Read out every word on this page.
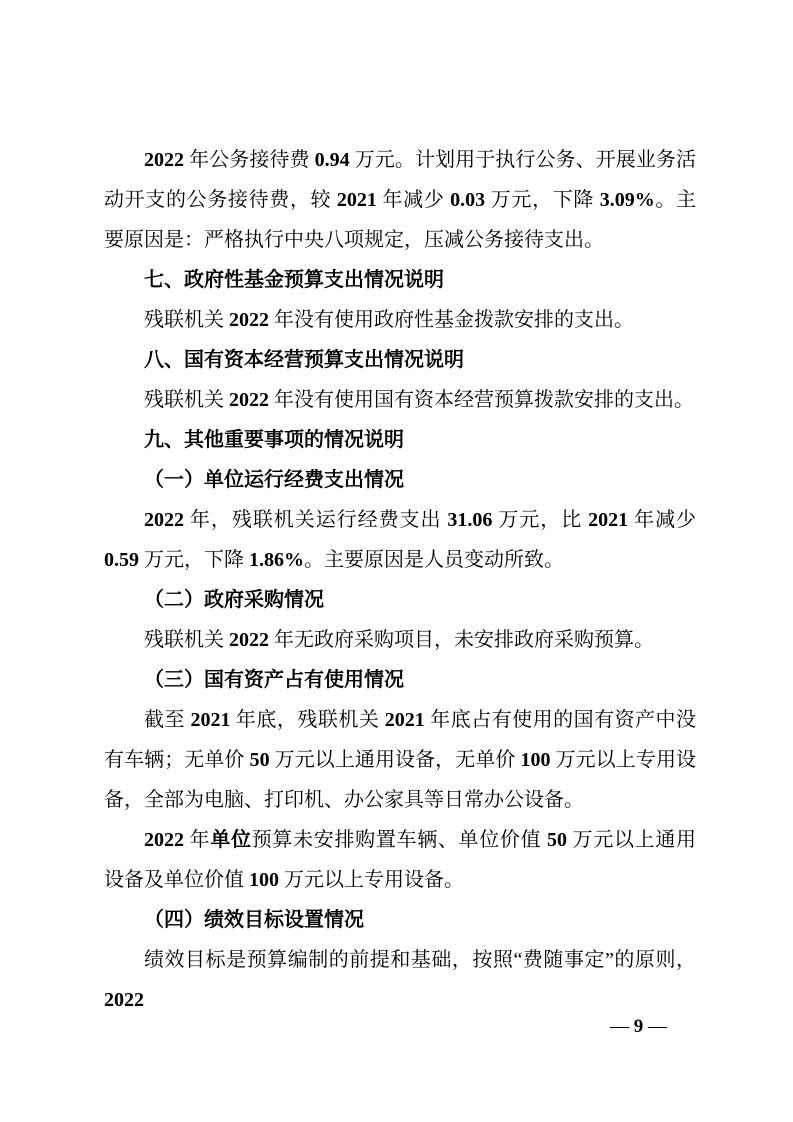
2022 年公务接待费 0.94 万元。计划用于执行公务、开展业务活动开支的公务接待费，较 2021 年减少 0.03 万元，下降 3.09%。主要原因是：严格执行中央八项规定，压减公务接待支出。
七、政府性基金预算支出情况说明
残联机关 2022 年没有使用政府性基金拨款安排的支出。
八、国有资本经营预算支出情况说明
残联机关 2022 年没有使用国有资本经营预算拨款安排的支出。
九、其他重要事项的情况说明
（一）单位运行经费支出情况
2022 年，残联机关运行经费支出 31.06 万元，比 2021 年减少 0.59 万元，下降 1.86%。主要原因是人员变动所致。
（二）政府采购情况
残联机关 2022 年无政府采购项目，未安排政府采购预算。
（三）国有资产占有使用情况
截至 2021 年底，残联机关 2021 年底占有使用的国有资产中没有车辆；无单价 50 万元以上通用设备，无单价 100 万元以上专用设备，全部为电脑、打印机、办公家具等日常办公设备。
2022 年单位预算未安排购置车辆、单位价值 50 万元以上通用设备及单位价值 100 万元以上专用设备。
（四）绩效目标设置情况
绩效目标是预算编制的前提和基础，按照“费随事定”的原则，2022
— 9 —
